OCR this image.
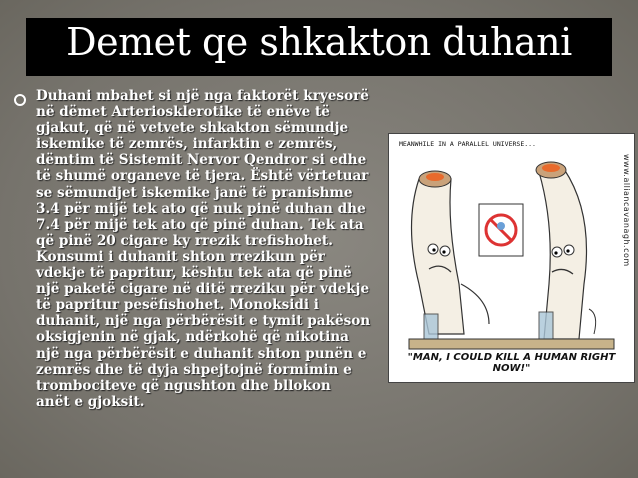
Demet qe shkakton duhani
Duhani mbahet si një nga faktorët kryesorë
në dëmet Arteriosklerotike të enëve të
gjakut, që në vetvete shkakton sëmundje
iskemike të zemrës, infarktin e zemrës,
dëmtim të Sistemit Nervor Qendror si edhe
të shumë organeve të tjera. Është vërtetuar
se sëmundjet iskemike janë të pranishme
3.4 për mijë tek ato që nuk pinë duhan dhe
7.4 për mijë tek ato që pinë duhan. Tek ata
që pinë 20 cigare ky rrezik trefishohet.
Konsumi i duhanit shton rrezikun për
vdekje të papritur, kështu tek ata që pinë
një paketë cigare në ditë rreziku për vdekje
të papritur pesëfishohet. Monoksidi i
duhanit, një nga përbërësit e tymit pakëson
oksigjenin në gjak, ndërkohë që nikotina
një nga përbërësit e duhanit shton punën e
zemrës dhe të dyja shpejtojnë formimin e
trombociteve që ngushton dhe bllokon
anët e gjoksit.
MEANWHILE IN A PARALLEL UNIVERSE...
www.alliancavanagh.com
"MAN, I COULD KILL A HUMAN RIGHT NOW!"
